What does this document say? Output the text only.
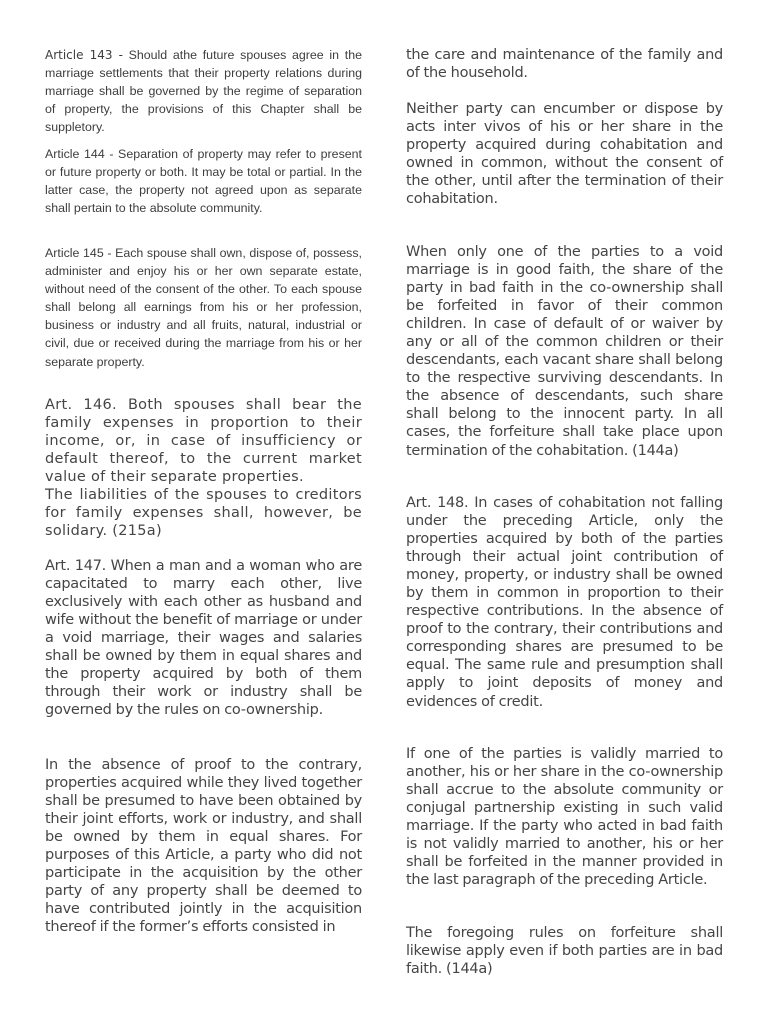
Article 143 - Should athe future spouses agree in the marriage settlements that their property relations during marriage shall be governed by the regime of separation of property, the provisions of this Chapter shall be suppletory.

Article 144 - Separation of property may refer to present or future property or both. It may be total or partial. In the latter case, the property not agreed upon as separate shall pertain to the absolute community.

Article 145 - Each spouse shall own, dispose of, possess, administer and enjoy his or her own separate estate, without need of the consent of the other. To each spouse shall belong all earnings from his or her profession, business or industry and all fruits, natural, industrial or civil, due or received during the marriage from his or her separate property.

Art. 146. Both spouses shall bear the family expenses in proportion to their income, or, in case of insufficiency or default thereof, to the current market value of their separate properties.

The liabilities of the spouses to creditors for family expenses shall, however, be solidary. (215a)

Art. 147. When a man and a woman who are capacitated to marry each other, live exclusively with each other as husband and wife without the benefit of marriage or under a void marriage, their wages and salaries shall be owned by them in equal shares and the property acquired by both of them through their work or industry shall be governed by the rules on co-ownership.

In the absence of proof to the contrary, properties acquired while they lived together shall be presumed to have been obtained by their joint efforts, work or industry, and shall be owned by them in equal shares. For purposes of this Article, a party who did not participate in the acquisition by the other party of any property shall be deemed to have contributed jointly in the acquisition thereof if the former’s efforts consisted in

the care and maintenance of the family and of the household.

Neither party can encumber or dispose by acts inter vivos of his or her share in the property acquired during cohabitation and owned in common, without the consent of the other, until after the termination of their cohabitation.

When only one of the parties to a void marriage is in good faith, the share of the party in bad faith in the co-ownership shall be forfeited in favor of their common children. In case of default of or waiver by any or all of the common children or their descendants, each vacant share shall belong to the respective surviving descendants. In the absence of descendants, such share shall belong to the innocent party. In all cases, the forfeiture shall take place upon termination of the cohabitation. (144a)

Art. 148. In cases of cohabitation not falling under the preceding Article, only the properties acquired by both of the parties through their actual joint contribution of money, property, or industry shall be owned by them in common in proportion to their respective contributions. In the absence of proof to the contrary, their contributions and corresponding shares are presumed to be equal. The same rule and presumption shall apply to joint deposits of money and evidences of credit.

If one of the parties is validly married to another, his or her share in the co-ownership shall accrue to the absolute community or conjugal partnership existing in such valid marriage. If the party who acted in bad faith is not validly married to another, his or her shall be forfeited in the manner provided in the last paragraph of the preceding Article.

The foregoing rules on forfeiture shall likewise apply even if both parties are in bad faith. (144a)
